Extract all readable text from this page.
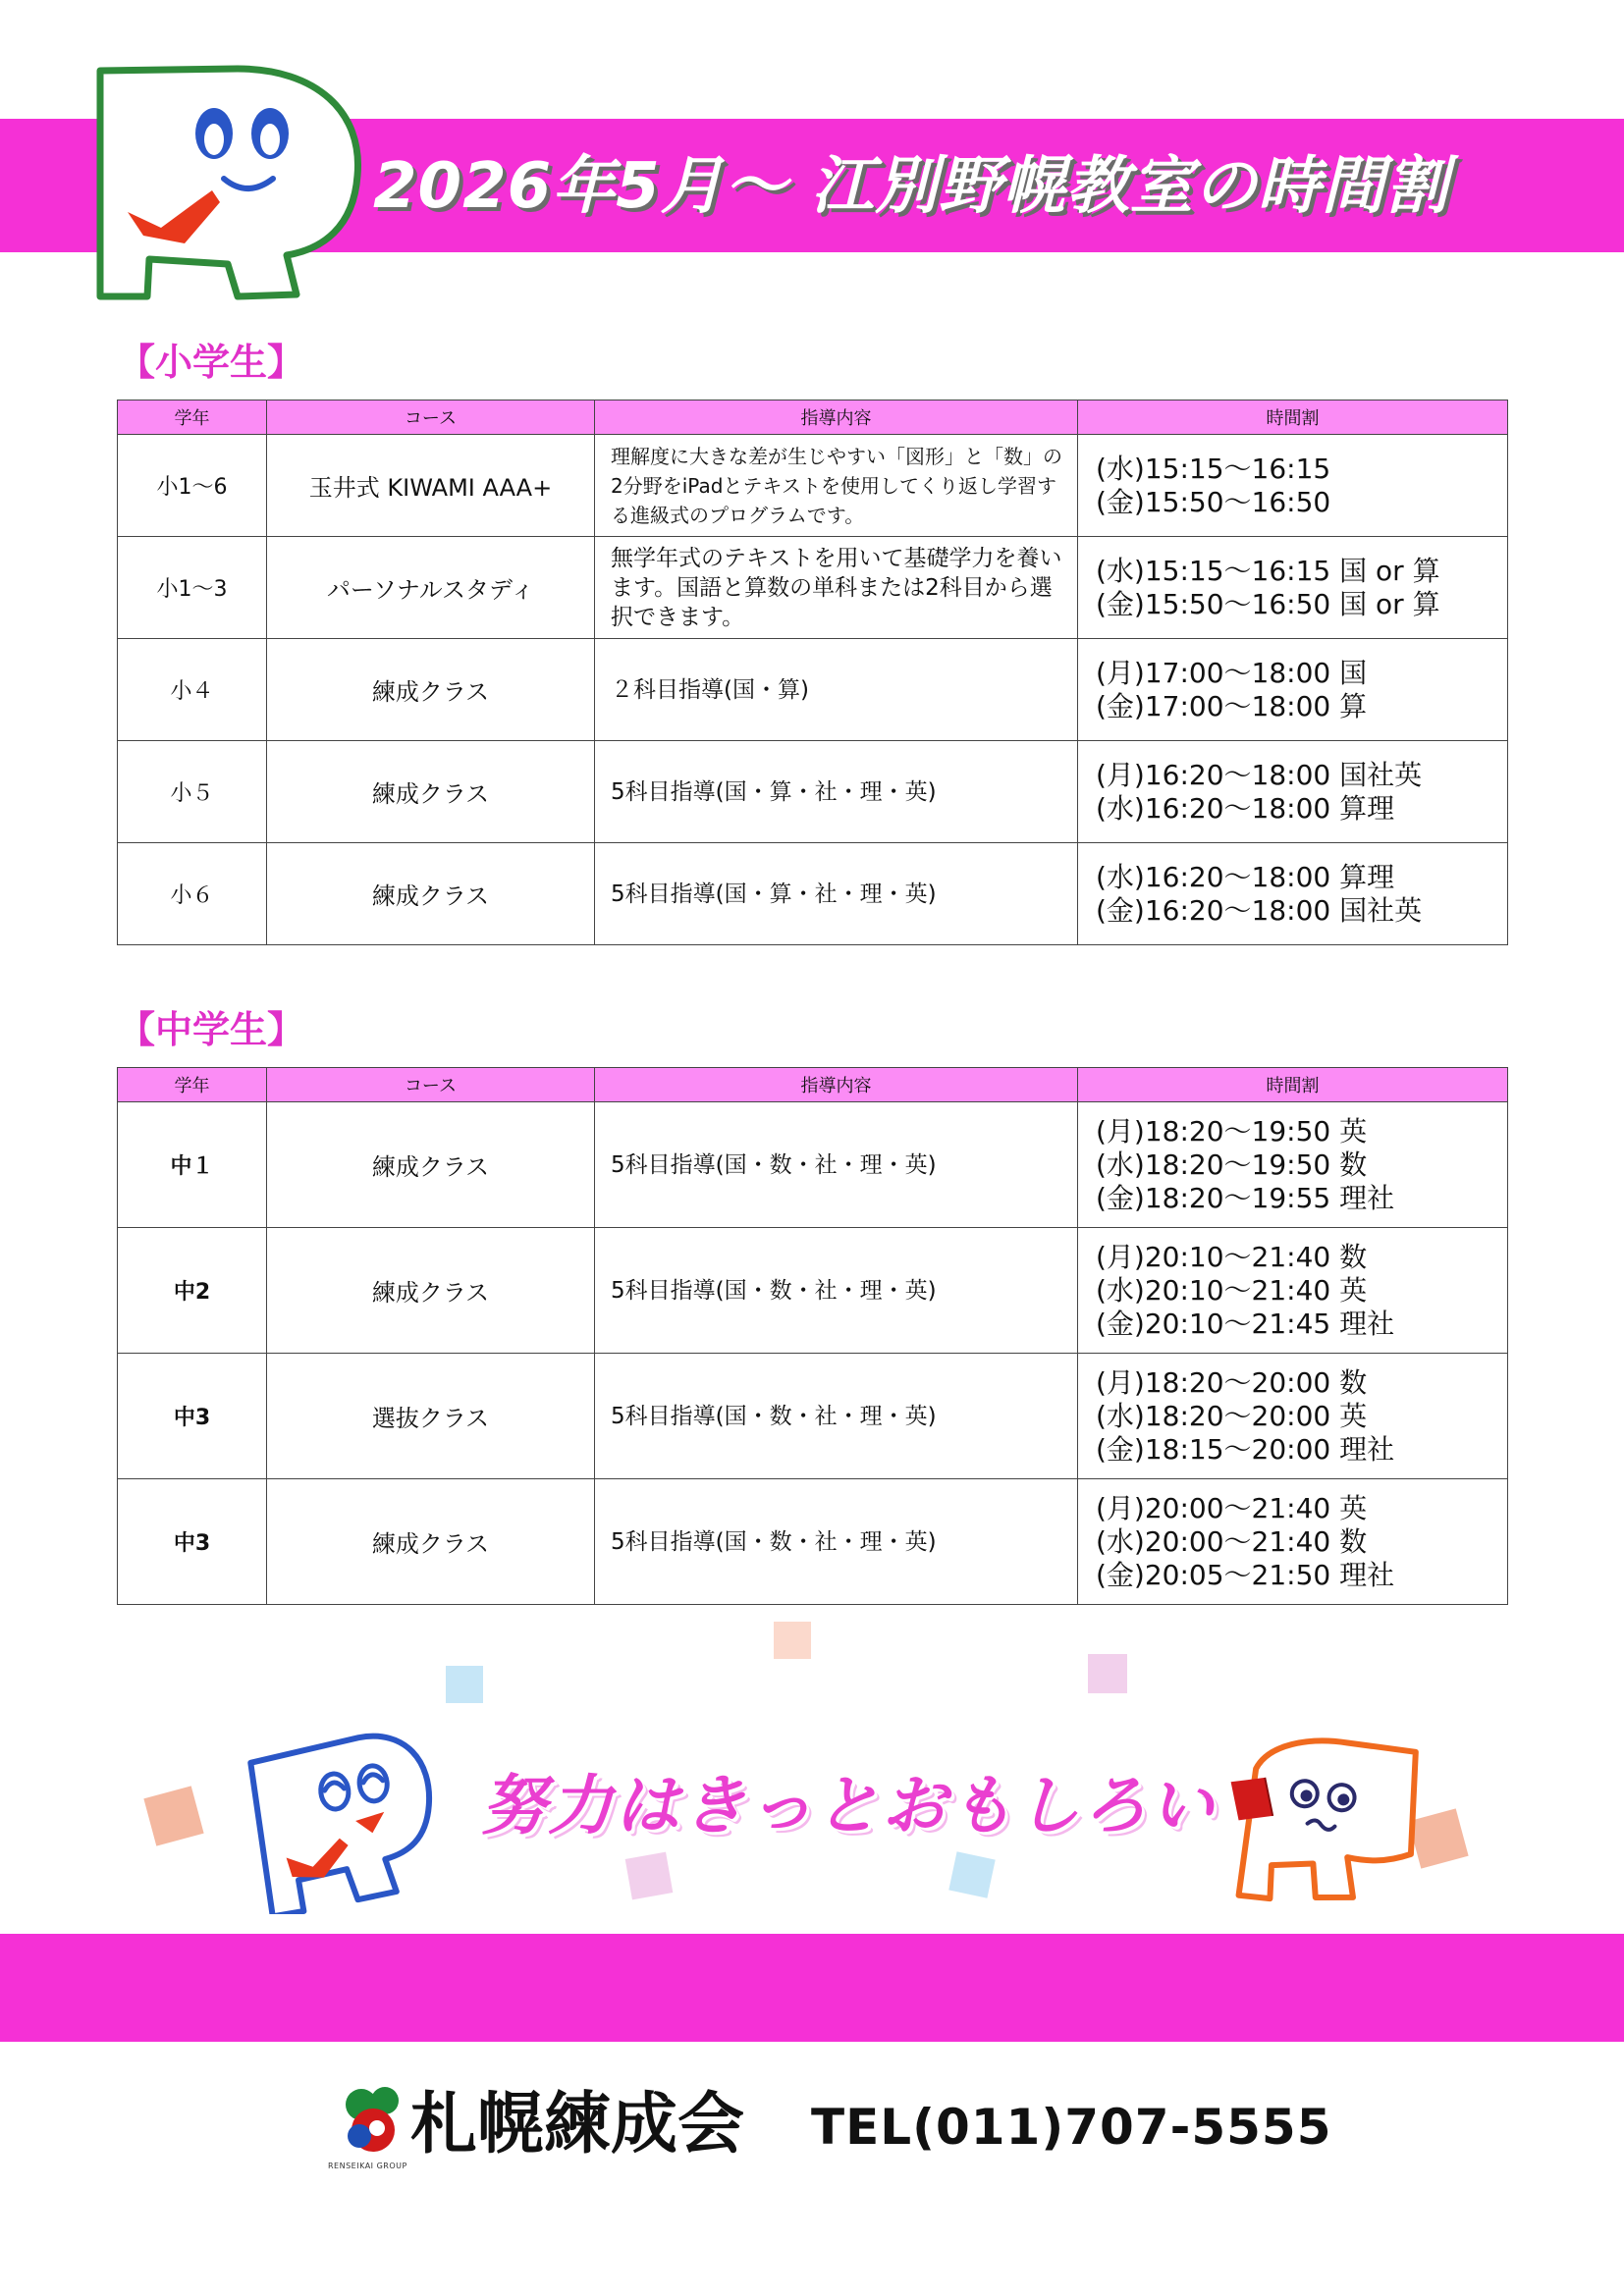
2026年5月～ 江別野幌教室の時間割
【小学生】
学年	コース	指導内容	時間割
小1～6	玉井式 KIWAMI AAA+	理解度に大きな差が生じやすい「図形」と「数」の2分野をiPadとテキストを使用してくり返し学習する進級式のプログラムです。	(水)15:15～16:15
(金)15:50～16:50

小1～3	パーソナルスタディ	無学年式のテキストを用いて基礎学力を養います。国語と算数の単科または2科目から選択できます。	(水)15:15～16:15 国 or 算
(金)15:50～16:50 国 or 算

小４	練成クラス	２科目指導(国・算)	(月)17:00～18:00 国
(金)17:00～18:00 算

小５	練成クラス	5科目指導(国・算・社・理・英)	(月)16:20～18:00 国社英
(水)16:20～18:00 算理

小６	練成クラス	5科目指導(国・算・社・理・英)	(水)16:20～18:00 算理
(金)16:20～18:00 国社英
【中学生】
学年	コース	指導内容	時間割
中１	練成クラス	5科目指導(国・数・社・理・英)	(月)18:20～19:50 英
(水)18:20～19:50 数
(金)18:20～19:55 理社

中2	練成クラス	5科目指導(国・数・社・理・英)	(月)20:10～21:40 数
(水)20:10～21:40 英
(金)20:10～21:45 理社

中3	選抜クラス	5科目指導(国・数・社・理・英)	(月)18:20～20:00 数
(水)18:20～20:00 英
(金)18:15～20:00 理社

中3	練成クラス	5科目指導(国・数・社・理・英)	(月)20:00～21:40 英
(水)20:00～21:40 数
(金)20:05～21:50 理社
努力はきっとおもしろい
RENSEIKAI GROUP
札幌練成会 TEL(011)707-5555
